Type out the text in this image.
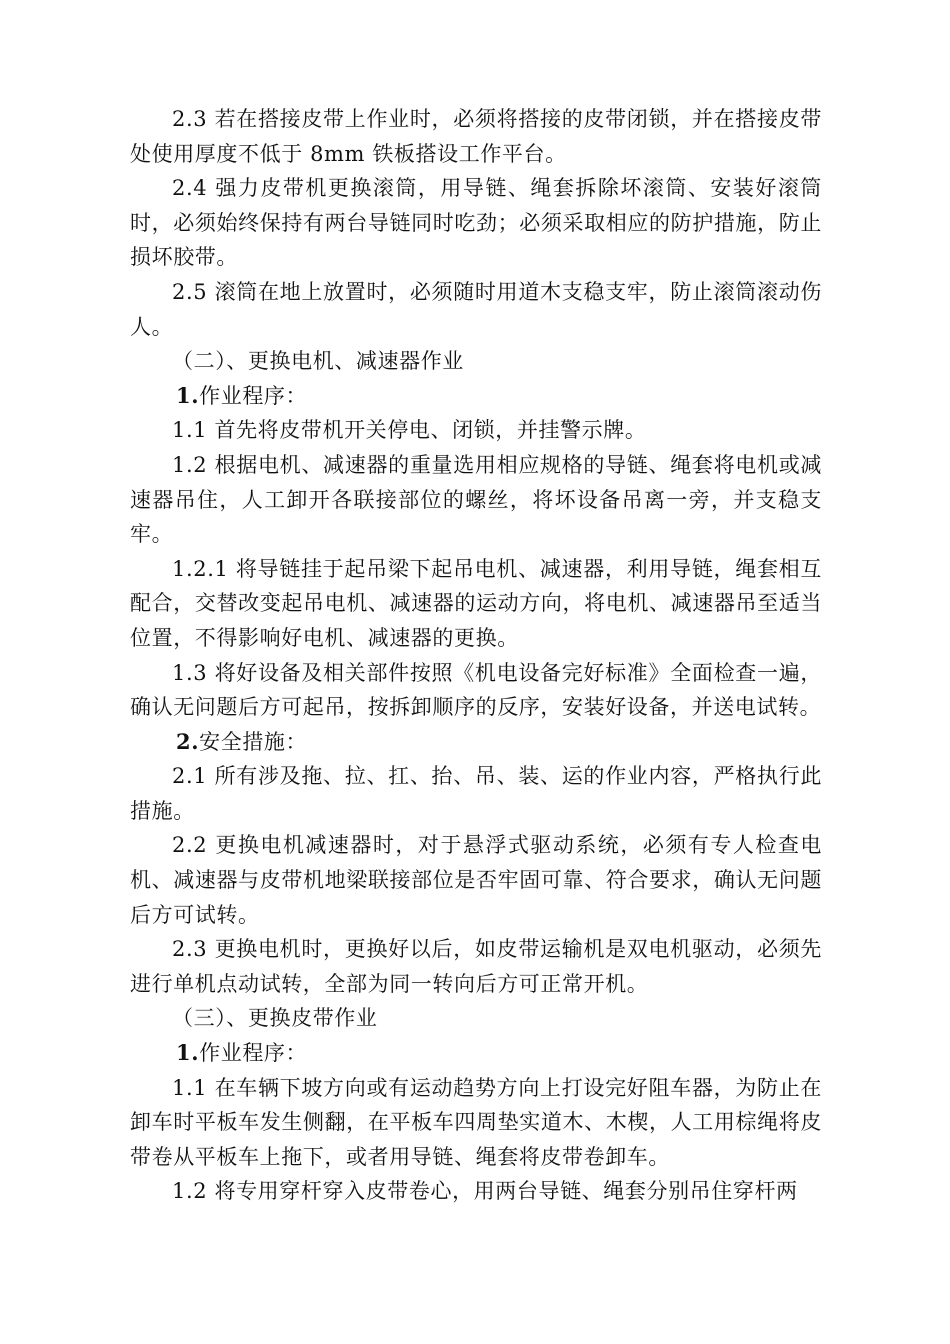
2.3 若在搭接皮带上作业时，必须将搭接的皮带闭锁，并在搭接皮带处使用厚度不低于 8mm 铁板搭设工作平台。

2.4 强力皮带机更换滚筒，用导链、绳套拆除坏滚筒、安装好滚筒时，必须始终保持有两台导链同时吃劲；必须采取相应的防护措施，防止损坏胶带。

2.5 滚筒在地上放置时，必须随时用道木支稳支牢，防止滚筒滚动伤人。

（二）、更换电机、减速器作业

1.作业程序：

1.1 首先将皮带机开关停电、闭锁，并挂警示牌。

1.2 根据电机、减速器的重量选用相应规格的导链、绳套将电机或减速器吊住，人工卸开各联接部位的螺丝，将坏设备吊离一旁，并支稳支牢。

1.2.1 将导链挂于起吊梁下起吊电机、减速器，利用导链，绳套相互配合，交替改变起吊电机、减速器的运动方向，将电机、减速器吊至适当位置，不得影响好电机、减速器的更换。

1.3 将好设备及相关部件按照《机电设备完好标准》全面检查一遍，确认无问题后方可起吊，按拆卸顺序的反序，安装好设备，并送电试转。

2.安全措施：

2.1 所有涉及拖、拉、扛、抬、吊、装、运的作业内容，严格执行此措施。

2.2 更换电机减速器时，对于悬浮式驱动系统，必须有专人检查电机、减速器与皮带机地梁联接部位是否牢固可靠、符合要求，确认无问题后方可试转。

2.3 更换电机时，更换好以后，如皮带运输机是双电机驱动，必须先进行单机点动试转，全部为同一转向后方可正常开机。

（三）、更换皮带作业

1.作业程序：

1.1 在车辆下坡方向或有运动趋势方向上打设完好阻车器，为防止在卸车时平板车发生侧翻，在平板车四周垫实道木、木楔，人工用棕绳将皮带卷从平板车上拖下，或者用导链、绳套将皮带卷卸车。

1.2 将专用穿杆穿入皮带卷心，用两台导链、绳套分别吊住穿杆两
